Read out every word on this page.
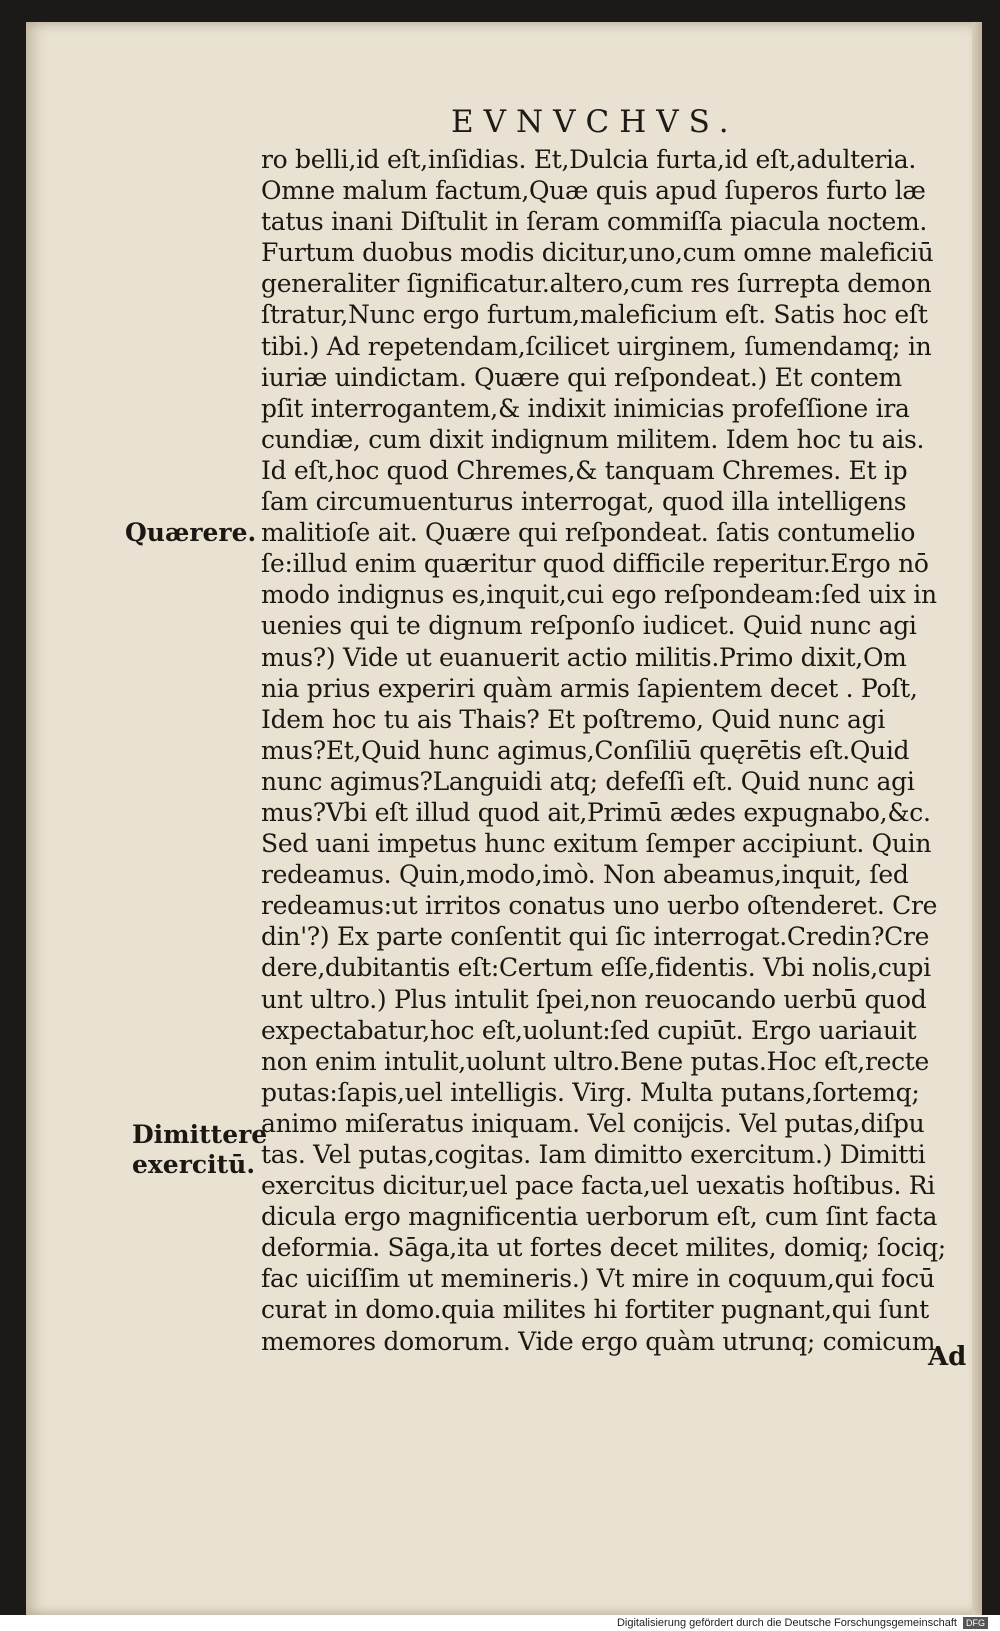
EVNVCHVS.
ro belli,id eſt,inſidias. Et,Dulcia furta,id eſt,adulteria.
Omne malum factum,Quæ quis apud ſuperos furto læ
tatus inani Diſtulit in ſeram commiſſa piacula noctem.
Furtum duobus modis dicitur,uno,cum omne maleficiū
generaliter ſignificatur.altero,cum res ſurrepta demon
ſtratur,Nunc ergo furtum,maleficium eſt. Satis hoc eſt
tibi.) Ad repetendam,ſcilicet uirginem, ſumendamq; in
iuriæ uindictam. Quære qui reſpondeat.) Et contem
pſit interrogantem,& indixit inimicias profeſſione ira
cundiæ, cum dixit indignum militem. Idem hoc tu ais.
Id eſt,hoc quod Chremes,& tanquam Chremes. Et ip
ſam circumuenturus interrogat, quod illa intelligens
malitioſe ait. Quære qui reſpondeat. ſatis contumelio
ſe:illud enim quæritur quod difficile reperitur.Ergo nō
modo indignus es,inquit,cui ego reſpondeam:ſed uix in
uenies qui te dignum reſponſo iudicet. Quid nunc agi
mus?) Vide ut euanuerit actio militis.Primo dixit,Om
nia prius experiri quàm armis ſapientem decet . Poſt,
Idem hoc tu ais Thais? Et poſtremo, Quid nunc agi
mus?Et,Quid hunc agimus,Conſiliū quęrētis eſt.Quid
nunc agimus?Languidi atq; defeſſi eſt. Quid nunc agi
mus?Vbi eſt illud quod ait,Primū ædes expugnabo,&c.
Sed uani impetus hunc exitum ſemper accipiunt. Quin
redeamus. Quin,modo,imò. Non abeamus,inquit, ſed
redeamus:ut irritos conatus uno uerbo oſtenderet. Cre
din'?) Ex parte conſentit qui ſic interrogat.Credin?Cre
dere,dubitantis eſt:Certum eſſe,fidentis. Vbi nolis,cupi
unt ultro.) Plus intulit ſpei,non reuocando uerbū quod
expectabatur,hoc eſt,uolunt:ſed cupiūt. Ergo uariauit
non enim intulit,uolunt ultro.Bene putas.Hoc eſt,recte
putas:ſapis,uel intelligis. Virg. Multa putans,ſortemq;
animo miſeratus iniquam. Vel conĳcis. Vel putas,diſpu
tas. Vel putas,cogitas. Iam dimitto exercitum.) Dimitti
exercitus dicitur,uel pace facta,uel uexatis hoſtibus. Ri
dicula ergo magnificentia uerborum eſt, cum ſint facta
deformia. Sāga,ita ut fortes decet milites, domiq; ſociq;
fac uiciſſim ut memineris.) Vt mire in coquum,qui focū
curat in domo.quia milites hi fortiter pugnant,qui ſunt
memores domorum. Vide ergo quàm utrunq; comicum.
Ad
Quærere.
Dimittere
exercitū.
Digitalisierung gefördert durch die Deutsche Forschungsgemeinschaft DFG
